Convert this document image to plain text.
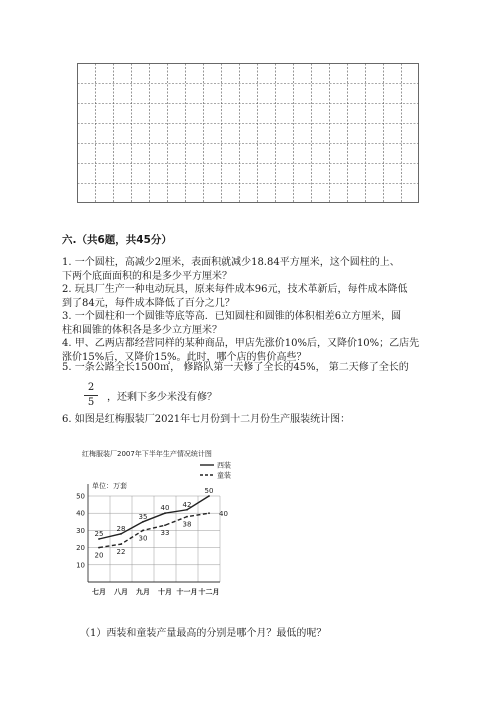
六.（共6题，共45分）
1. 一个圆柱，高减少2厘米，表面积就减少18.84平方厘米，这个圆柱的上、
下两个底面面积的和是多少平方厘米？
2. 玩具厂生产一种电动玩具，原来每件成本96元，技术革新后，每件成本降低
到了84元，每件成本降低了百分之几？
3. 一个圆柱和一个圆锥等底等高．已知圆柱和圆锥的体积相差6立方厘米，圆
柱和圆锥的体积各是多少立方厘米？
4. 甲、乙两店都经营同样的某种商品，甲店先涨价10%后，又降价10%；乙店先
涨价15%后，又降价15%。此时，哪个店的售价高些？
5. 一条公路全长1500㎡， 修路队第一天修了全长的45%， 第二天修了全长的
2
5	，还剩下多少米没有修？
6. 如图是红梅服装厂2021年七月份到十二月份生产服装统计图：
红梅服装厂2007年下半年生产情况统计图
单位：万套
10
20
30
40
50
七月 八月 九月 十月 十一月 十二月
25
28
35
40 42
50
20 22
30
33
38
40
西装
童装
（1）西装和童装产量最高的分别是哪个月？最低的呢？
